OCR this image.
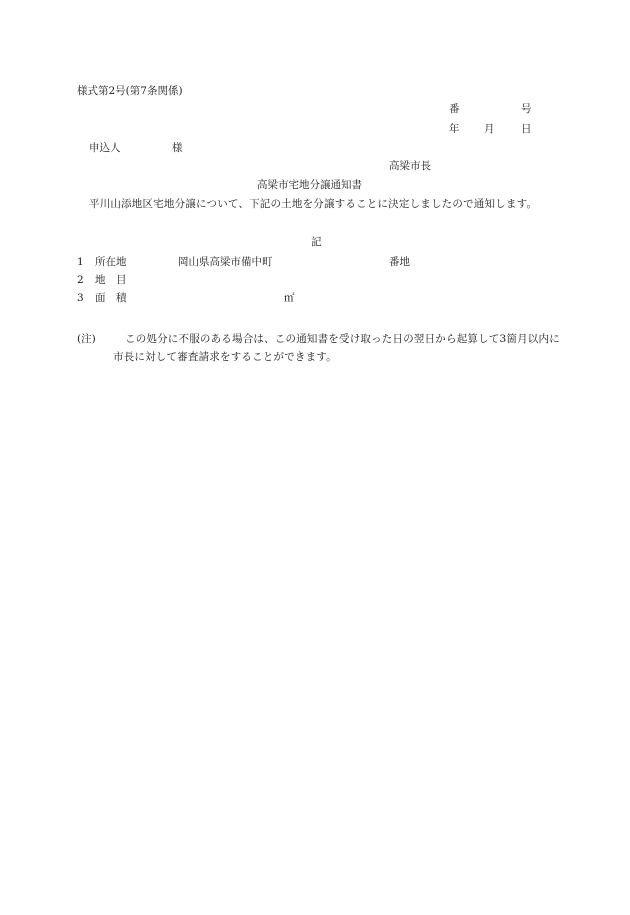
様式第2号(第7条関係)
番	号
年 月	日
申込人	様
高梁市長
高梁市宅地分譲通知書
平川山添地区宅地分譲について、下記の土地を分譲することに決定しましたので通知します。
記
1 所在地	岡山県高梁市備中町	番地
2 地　目
3 面　積	㎡
(注)	この処分に不服のある場合は、この通知書を受け取った日の翌日から起算して3箇月以内に市長に対して審査請求をすることができます。
